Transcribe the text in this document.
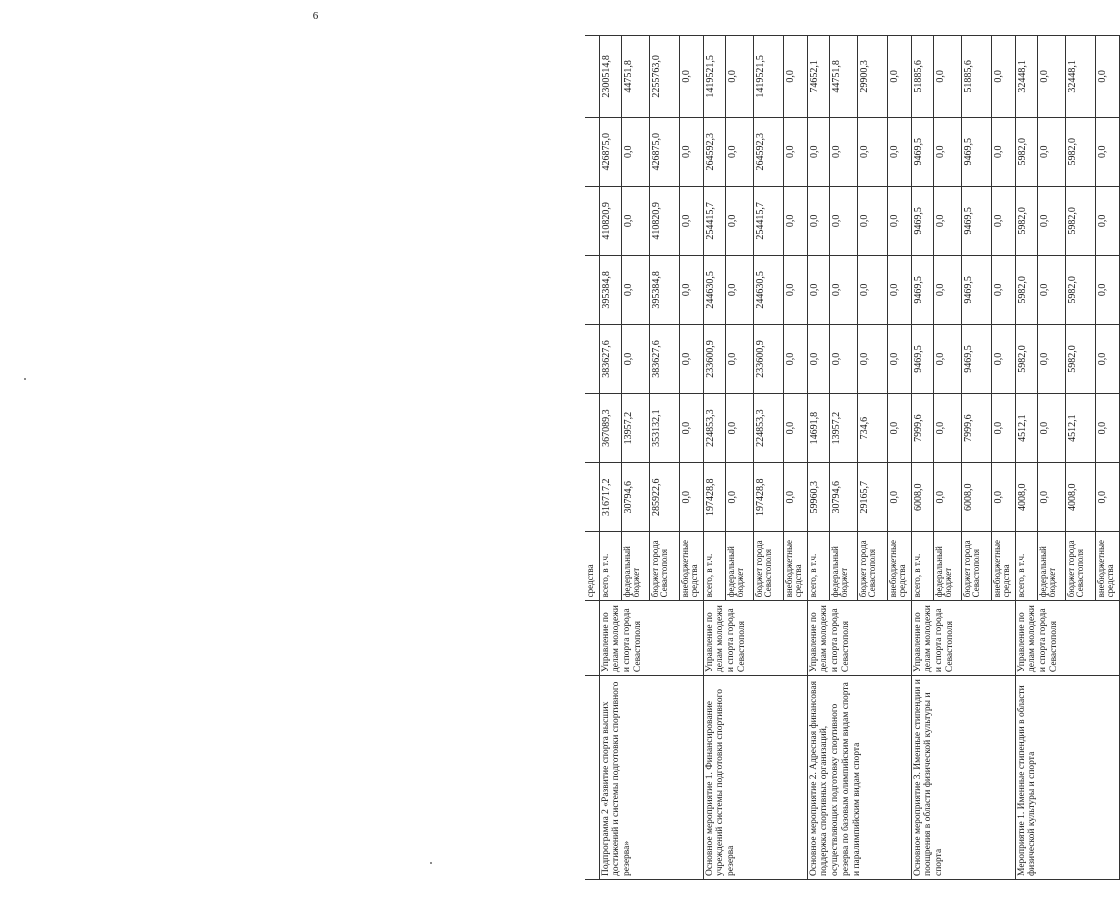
6
		средства							
Подпрограмма 2 «Развитие спорта высших достижений и системы подготовки спортивного резерва»	Управление по делам молодежи и спорта города Севастополя	всего, в т.ч.	316717,2	367089,3	383627,6	395384,8	410820,9	426875,0	2300514,8
		федеральный бюджет	30794,6	13957,2	0,0	0,0	0,0	0,0	44751,8
		бюджет города Севастополя	285922,6	353132,1	383627,6	395384,8	410820,9	426875,0	2255763,0
		внебюджетные средства	0,0	0,0	0,0	0,0	0,0	0,0	0,0
Основное мероприятие 1. Финансирование учреждений системы подготовки спортивного резерва	Управление по делам молодежи и спорта города Севастополя	всего, в т.ч.	197428,8	224853,3	233600,9	244630,5	254415,7	264592,3	1419521,5
		федеральный бюджет	0,0	0,0	0,0	0,0	0,0	0,0	0,0
		бюджет города Севастополя	197428,8	224853,3	233600,9	244630,5	254415,7	264592,3	1419521,5
		внебюджетные средства	0,0	0,0	0,0	0,0	0,0	0,0	0,0
Основное мероприятие 2. Адресная финансовая поддержка спортивных организаций, осуществляющих подготовку спортивного резерва по базовым олимпийским видам спорта и паралимпийским видам спорта	Управление по делам молодежи и спорта города Севастополя	всего, в т.ч.	59960,3	14691,8	0,0	0,0	0,0	0,0	74652,1
		федеральный бюджет	30794,6	13957,2	0,0	0,0	0,0	0,0	44751,8
		бюджет города Севастополя	29165,7	734,6	0,0	0,0	0,0	0,0	29900,3
		внебюджетные средства	0,0	0,0	0,0	0,0	0,0	0,0	0,0
Основное мероприятие 3. Именные стипендии и поощрения в области физической культуры и спорта	Управление по делам молодежи и спорта города Севастополя	всего, в т.ч.	6008,0	7999,6	9469,5	9469,5	9469,5	9469,5	51885,6
		федеральный бюджет	0,0	0,0	0,0	0,0	0,0	0,0	0,0
		бюджет города Севастополя	6008,0	7999,6	9469,5	9469,5	9469,5	9469,5	51885,6
		внебюджетные средства	0,0	0,0	0,0	0,0	0,0	0,0	0,0
Мероприятие 1. Именные стипендии в области физической культуры и спорта	Управление по делам молодежи и спорта города Севастополя	всего, в т.ч.	4008,0	4512,1	5982,0	5982,0	5982,0	5982,0	32448,1
		федеральный бюджет	0,0	0,0	0,0	0,0	0,0	0,0	0,0
		бюджет города Севастополя	4008,0	4512,1	5982,0	5982,0	5982,0	5982,0	32448,1
		внебюджетные средства	0,0	0,0	0,0	0,0	0,0	0,0	0,0
